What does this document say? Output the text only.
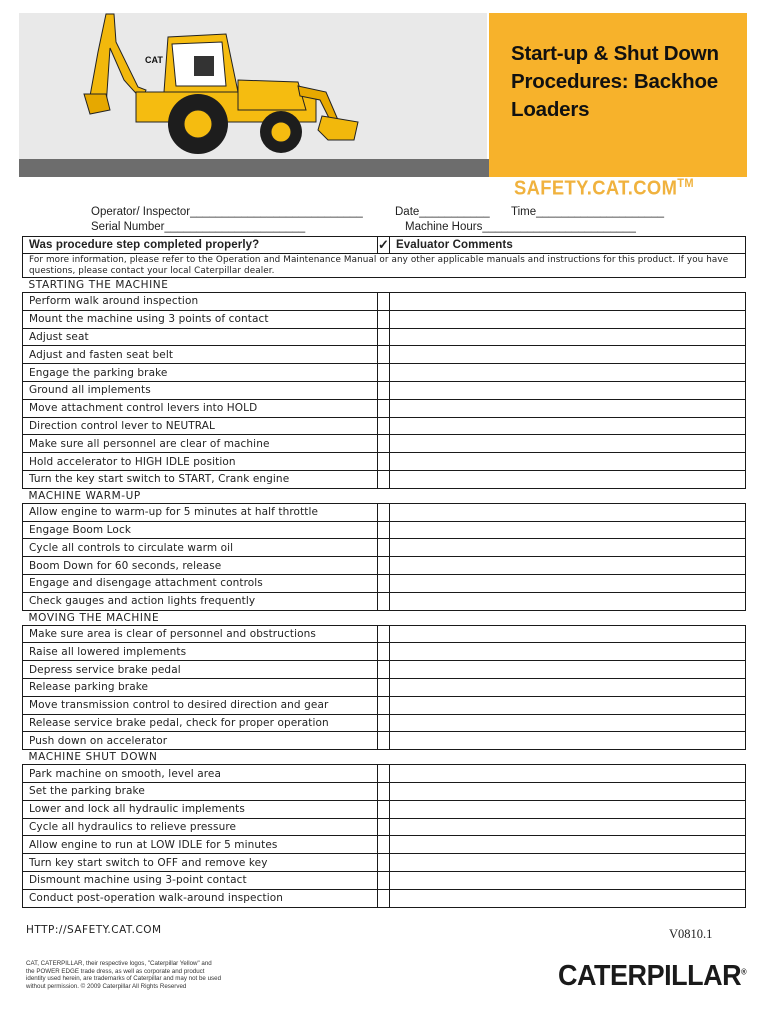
CAT	Start-up & Shut Down Procedures: Backhoe Loaders
SAFETY.CAT.COM™
Operator/ Inspector___________________________	Date___________ Time____________________
Serial Number______________________	Machine Hours________________________
Was procedure step completed properly?	✓	Evaluator Comments
For more information, please refer to the Operation and Maintenance Manual or any other applicable manuals and instructions for this product. If you have questions, please contact your local Caterpillar dealer.		
STARTING THE MACHINE		
Perform walk around inspection		
Mount the machine using 3 points of contact		
Adjust seat		
Adjust and fasten seat belt		
Engage the parking brake		
Ground all implements		
Move attachment control levers into HOLD		
Direction control lever to NEUTRAL		
Make sure all personnel are clear of machine		
Hold accelerator to HIGH IDLE position		
Turn the key start switch to START, Crank engine		
MACHINE WARM-UP		
Allow engine to warm-up for 5 minutes at half throttle		
Engage Boom Lock		
Cycle all controls to circulate warm oil		
Boom Down for 60 seconds, release		
Engage and disengage attachment controls		
Check gauges and action lights frequently		
MOVING THE MACHINE		
Make sure area is clear of personnel and obstructions		
Raise all lowered implements		
Depress service brake pedal		
Release parking brake		
Move transmission control to desired direction and gear		
Release service brake pedal, check for proper operation		
Push down on accelerator		
MACHINE SHUT DOWN		
Park machine on smooth, level area		
Set the parking brake		
Lower and lock all hydraulic implements		
Cycle all hydraulics to relieve pressure		
Allow engine to run at LOW IDLE for 5 minutes		
Turn key start switch to OFF and remove key		
Dismount machine using 3-point contact		
Conduct post-operation walk-around inspection		
HTTP://SAFETY.CAT.COM	V0810.1
CAT, CATERPILLAR, their respective logos, "Caterpillar Yellow" and the POWER EDGE trade dress, as well as corporate and product identity used herein, are trademarks of Caterpillar and may not be used without permission. © 2009 Caterpillar All Rights Reserved	CATERPILLAR®
